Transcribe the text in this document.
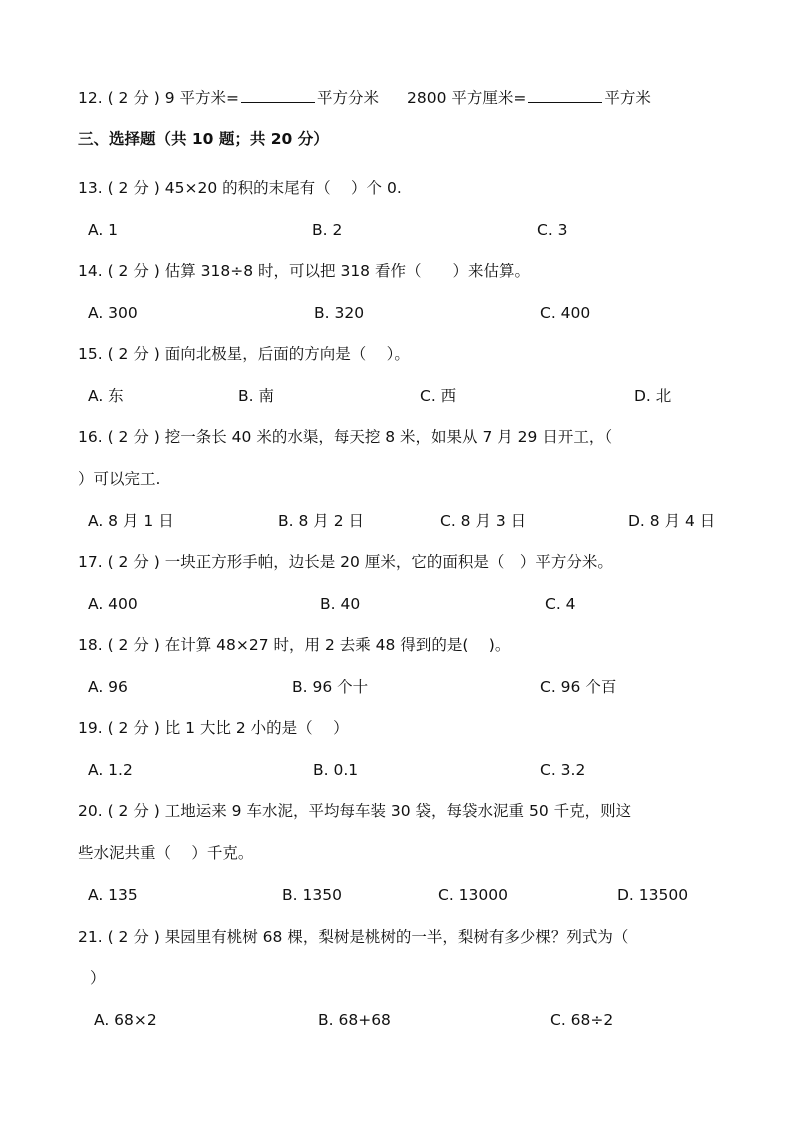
12. ( 2 分 ) 9 平方米=	平方分米 2800 平方厘米=	平方米
三、选择题（共 10 题；共 20 分）
13. ( 2 分 ) 45×20 的积的末尾有（　 ）个 0.
A. 1	B. 2	C. 3
14. ( 2 分 ) 估算 318÷8 时，可以把 318 看作（　　）来估算。
A. 300	B. 320	C. 400
15. ( 2 分 ) 面向北极星，后面的方向是（　 ）。
A. 东	B. 南	C. 西	D. 北
16. ( 2 分 ) 挖一条长 40 米的水渠，每天挖 8 米，如果从 7 月 29 日开工，（
）可以完工.
A. 8 月 1 日	B. 8 月 2 日	C. 8 月 3 日	D. 8 月 4 日
17. ( 2 分 ) 一块正方形手帕，边长是 20 厘米，它的面积是（　）平方分米。
A. 400	B. 40	C. 4
18. ( 2 分 ) 在计算 48×27 时，用 2 去乘 48 得到的是(　 )。
A. 96	B. 96 个十	C. 96 个百
19. ( 2 分 ) 比 1 大比 2 小的是（　 ）
A. 1.2	B. 0.1	C. 3.2
20. ( 2 分 ) 工地运来 9 车水泥，平均每车装 30 袋，每袋水泥重 50 千克，则这
些水泥共重（　 ）千克。
A. 135	B. 1350	C. 13000	D. 13500
21. ( 2 分 ) 果园里有桃树 68 棵，梨树是桃树的一半，梨树有多少棵？列式为（
）
A. 68×2	B. 68+68	C. 68÷2
